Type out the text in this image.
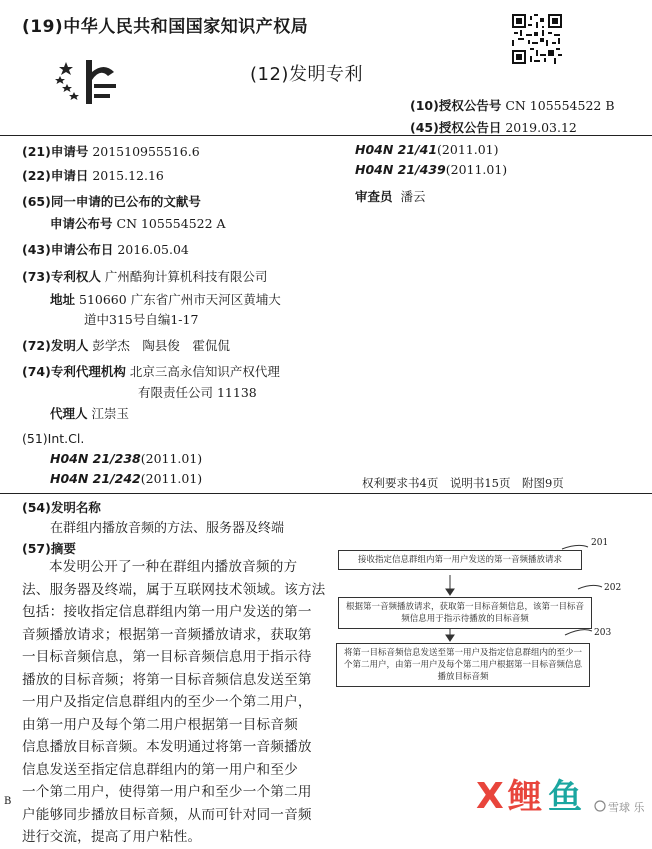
(19)中华人民共和国国家知识产权局
(12)发明专利
(10)授权公告号 CN 105554522 B
(45)授权公告日 2019.03.12
(21)申请号 201510955516.6
(22)申请日 2015.12.16
(65)同一申请的已公布的文献号
申请公布号 CN 105554522 A
(43)申请公布日 2016.05.04
(73)专利权人 广州酷狗计算机科技有限公司
地址 510660 广东省广州市天河区黄埔大
道中315号自编1-17
(72)发明人 彭学杰　陶县俊　霍侃侃
(74)专利代理机构 北京三高永信知识产权代理
有限责任公司 11138
代理人 江崇玉
(51)Int.Cl.
H04N 21/238(2011.01)
H04N 21/242(2011.01)
H04N 21/41(2011.01)
H04N 21/439(2011.01)
审查员 潘云
权利要求书4页　说明书15页　附图9页
(54)发明名称
在群组内播放音频的方法、服务器及终端
(57)摘要
本发明公开了一种在群组内播放音频的方
法、服务器及终端，属于互联网技术领域。该方法
包括：接收指定信息群组内第一用户发送的第一
音频播放请求；根据第一音频播放请求，获取第
一目标音频信息，第一目标音频信息用于指示待
播放的目标音频；将第一目标音频信息发送至第
一用户及指定信息群组内的至少一个第二用户，
由第一用户及每个第二用户根据第一目标音频
信息播放目标音频。本发明通过将第一音频播放
信息发送至指定信息群组内的第一用户和至少
一个第二用户，使得第一用户和至少一个第二用
户能够同步播放目标音频，从而可针对同一音频
进行交流，提高了用户粘性。
B
接收指定信息群组内第一用户发送的第一音频播放请求
根据第一音频播放请求，获取第一目标音频信息，该第一目标音频信息用于指示待播放的目标音频
将第一目标音频信息发送至第一用户及指定信息群组内的至少一个第二用户，由第一用户及每个第二用户根据第一目标音频信息播放目标音频
201
202
203
X 鲤 鱼 雪球 乐
